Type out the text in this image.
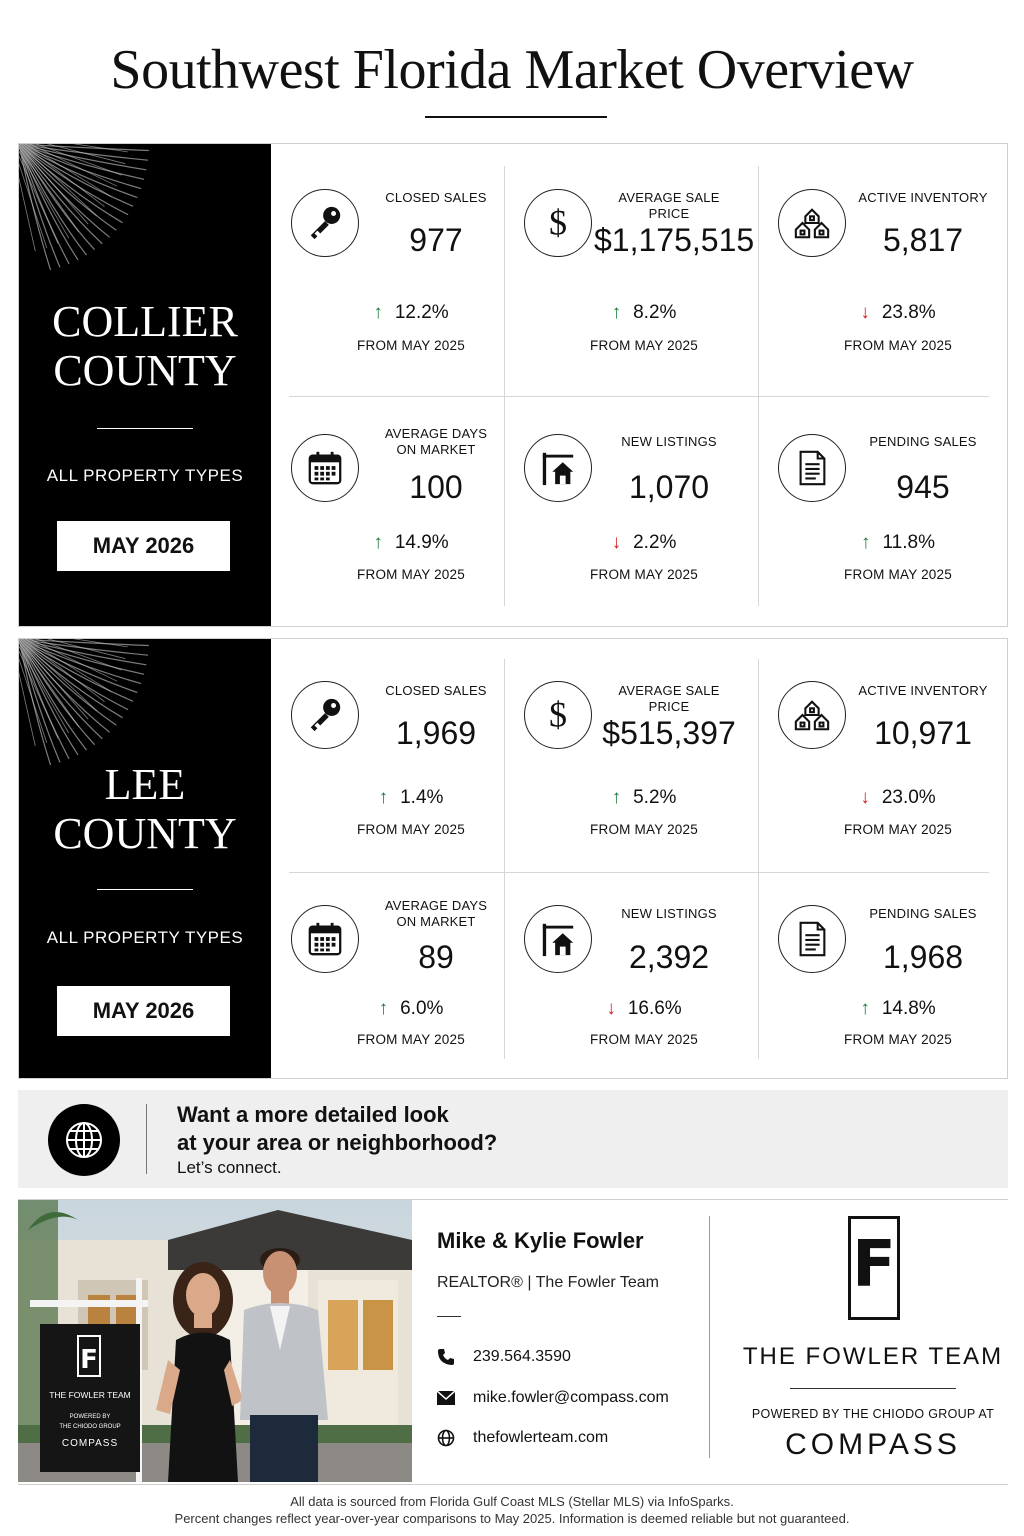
Southwest Florida Market Overview
COLLIER
COUNTY
ALL PROPERTY TYPES
MAY 2026
CLOSED SALES
977
↑ 12.2%
FROM MAY 2025
$
AVERAGE SALE PRICE
$1,175,515
↑ 8.2%
FROM MAY 2025
ACTIVE INVENTORY
5,817
↓ 23.8%
FROM MAY 2025
AVERAGE DAYS
ON MARKET
100
↑ 14.9%
FROM MAY 2025
NEW LISTINGS
1,070
↓ 2.2%
FROM MAY 2025
PENDING SALES
945
↑ 11.8%
FROM MAY 2025
LEE
COUNTY
ALL PROPERTY TYPES
MAY 2026
CLOSED SALES
1,969
↑ 1.4%
FROM MAY 2025
$
AVERAGE SALE PRICE
$515,397
↑ 5.2%
FROM MAY 2025
ACTIVE INVENTORY
10,971
↓ 23.0%
FROM MAY 2025
AVERAGE DAYS
ON MARKET
89
↑ 6.0%
FROM MAY 2025
NEW LISTINGS
2,392
↓ 16.6%
FROM MAY 2025
PENDING SALES
1,968
↑ 14.8%
FROM MAY 2025
Want a more detailed look
at your area or neighborhood?
Let’s connect.
F
THE FOWLER TEAM
POWERED BY
THE CHIODO GROUP
COMPASS
Mike & Kylie Fowler
REALTOR® | The Fowler Team
239.564.3590
mike.fowler@compass.com
thefowlerteam.com
F
THE FOWLER TEAM
POWERED BY THE CHIODO GROUP AT
COMPASS
All data is sourced from Florida Gulf Coast MLS (Stellar MLS) via InfoSparks.
Percent changes reflect year-over-year comparisons to May 2025. Information is deemed reliable but not guaranteed.
